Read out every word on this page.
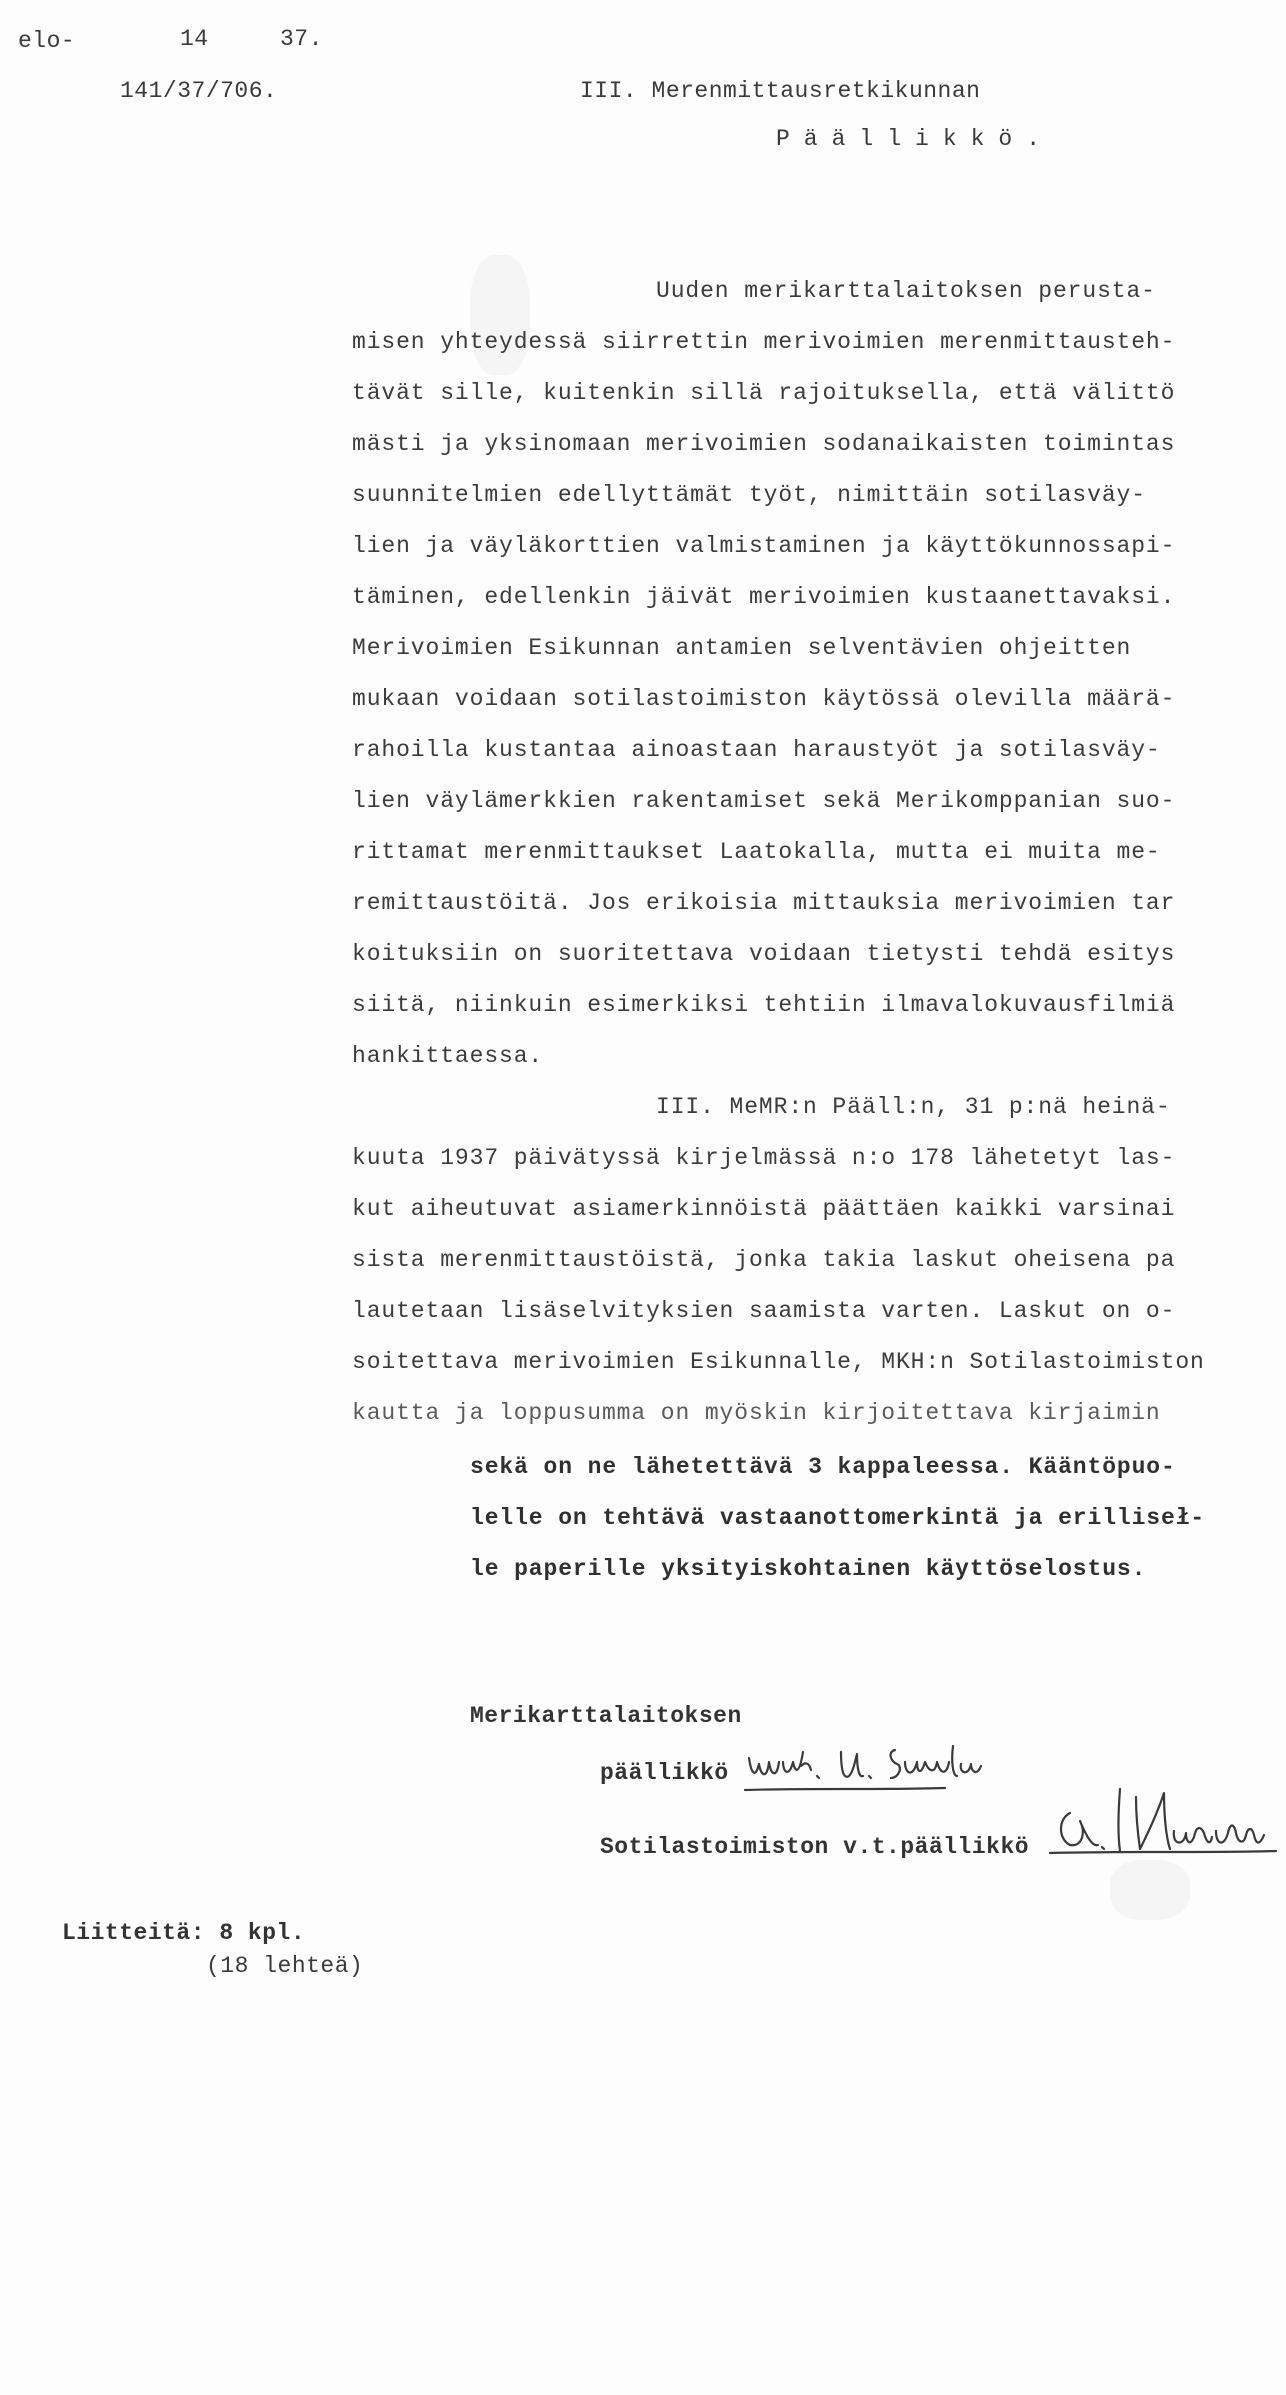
elo-	14	37.
141/37/706.	III. Merenmittausretkikunnan
Päällikkö.
Uuden merikarttalaitoksen perusta-
misen yhteydessä siirrettin merivoimien merenmittausteh-
tävät sille, kuitenkin sillä rajoituksella, että välittö
mästi ja yksinomaan merivoimien sodanaikaisten toimintas
suunnitelmien edellyttämät työt, nimittäin sotilasväy-
lien ja väyläkorttien valmistaminen ja käyttökunnossapi-
täminen, edellenkin jäivät merivoimien kustaanettavaksi.
Merivoimien Esikunnan antamien selventävien ohjeitten
mukaan voidaan sotilastoimiston käytössä olevilla määrä-
rahoilla kustantaa ainoastaan haraustyöt ja sotilasväy-
lien väylämerkkien rakentamiset sekä Merikomppanian suo-
rittamat merenmittaukset Laatokalla, mutta ei muita me-
remittaustöitä. Jos erikoisia mittauksia merivoimien tar
koituksiin on suoritettava voidaan tietysti tehdä esitys
siitä, niinkuin esimerkiksi tehtiin ilmavalokuvausfilmiä
hankittaessa.
III. MeMR:n Pääll:n, 31 p:nä heinä-
kuuta 1937 päivätyssä kirjelmässä n:o 178 lähetetyt las-
kut aiheutuvat asiamerkinnöistä päättäen kaikki varsinai
sista merenmittaustöistä, jonka takia laskut oheisena pa
lautetaan lisäselvityksien saamista varten. Laskut on o-
soitettava merivoimien Esikunnalle, MKH:n Sotilastoimiston
kautta ja loppusumma on myöskin kirjoitettava kirjaimin
sekä on ne lähetettävä 3 kappaleessa. Kääntöpuo-
lelle on tehtävä vastaanottomerkintä ja erilliseł-
le paperille yksityiskohtainen käyttöselostus.
Merikarttalaitoksen
päällikkö
Sotilastoimiston v.t.päällikkö
Liitteitä: 8 kpl.
(18 lehteä)
